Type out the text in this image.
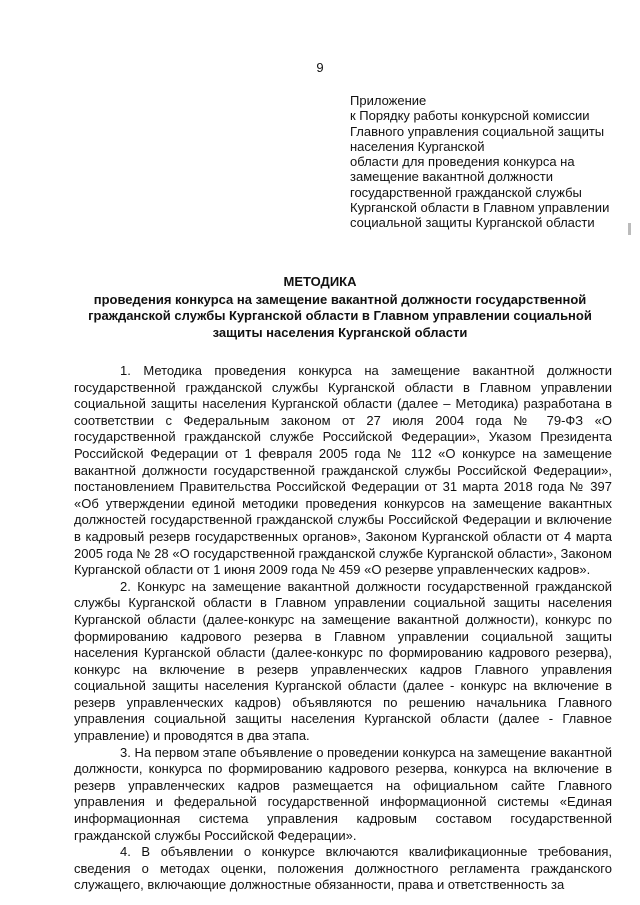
9
Приложение
к Порядку работы конкурсной комиссии
Главного управления социальной защиты
населения Курганской
области для проведения конкурса на
замещение вакантной должности
государственной гражданской службы
Курганской области в Главном управлении
социальной защиты Курганской области
МЕТОДИКА
проведения конкурса на замещение вакантной должности государственной гражданской службы Курганской области в Главном управлении социальной защиты населения Курганской области

1. Методика проведения конкурса на замещение вакантной должности государственной гражданской службы Курганской области в Главном управлении социальной защиты населения Курганской области (далее – Методика) разработана в соответствии с Федеральным законом от 27 июля 2004 года № 79-ФЗ «О государственной гражданской службе Российской Федерации», Указом Президента Российской Федерации от 1 февраля 2005 года № 112 «О конкурсе на замещение вакантной должности государственной гражданской службы Российской Федерации», постановлением Правительства Российской Федерации от 31 марта 2018 года № 397 «Об утверждении единой методики проведения конкурсов на замещение вакантных должностей государственной гражданской службы Российской Федерации и включение в кадровый резерв государственных органов», Законом Курганской области от 4 марта 2005 года № 28 «О государственной гражданской службе Курганской области», Законом Курганской области от 1 июня 2009 года № 459 «О резерве управленческих кадров».

2. Конкурс на замещение вакантной должности государственной гражданской службы Курганской области в Главном управлении социальной защиты населения Курганской области (далее-конкурс на замещение вакантной должности), конкурс по формированию кадрового резерва в Главном управлении социальной защиты населения Курганской области (далее-конкурс по формированию кадрового резерва), конкурс на включение в резерв управленческих кадров Главного управления социальной защиты населения Курганской области (далее - конкурс на включение в резерв управленческих кадров) объявляются по решению начальника Главного управления социальной защиты населения Курганской области (далее - Главное управление) и проводятся в два этапа.

3. На первом этапе объявление о проведении конкурса на замещение вакантной должности, конкурса по формированию кадрового резерва, конкурса на включение в резерв управленческих кадров размещается на официальном сайте Главного управления и федеральной государственной информационной системы «Единая информационная система управления кадровым составом государственной гражданской службы Российской Федерации».

4. В объявлении о конкурсе включаются квалификационные требования, сведения о методах оценки, положения должностного регламента гражданского служащего, включающие должностные обязанности, права и ответственность за
